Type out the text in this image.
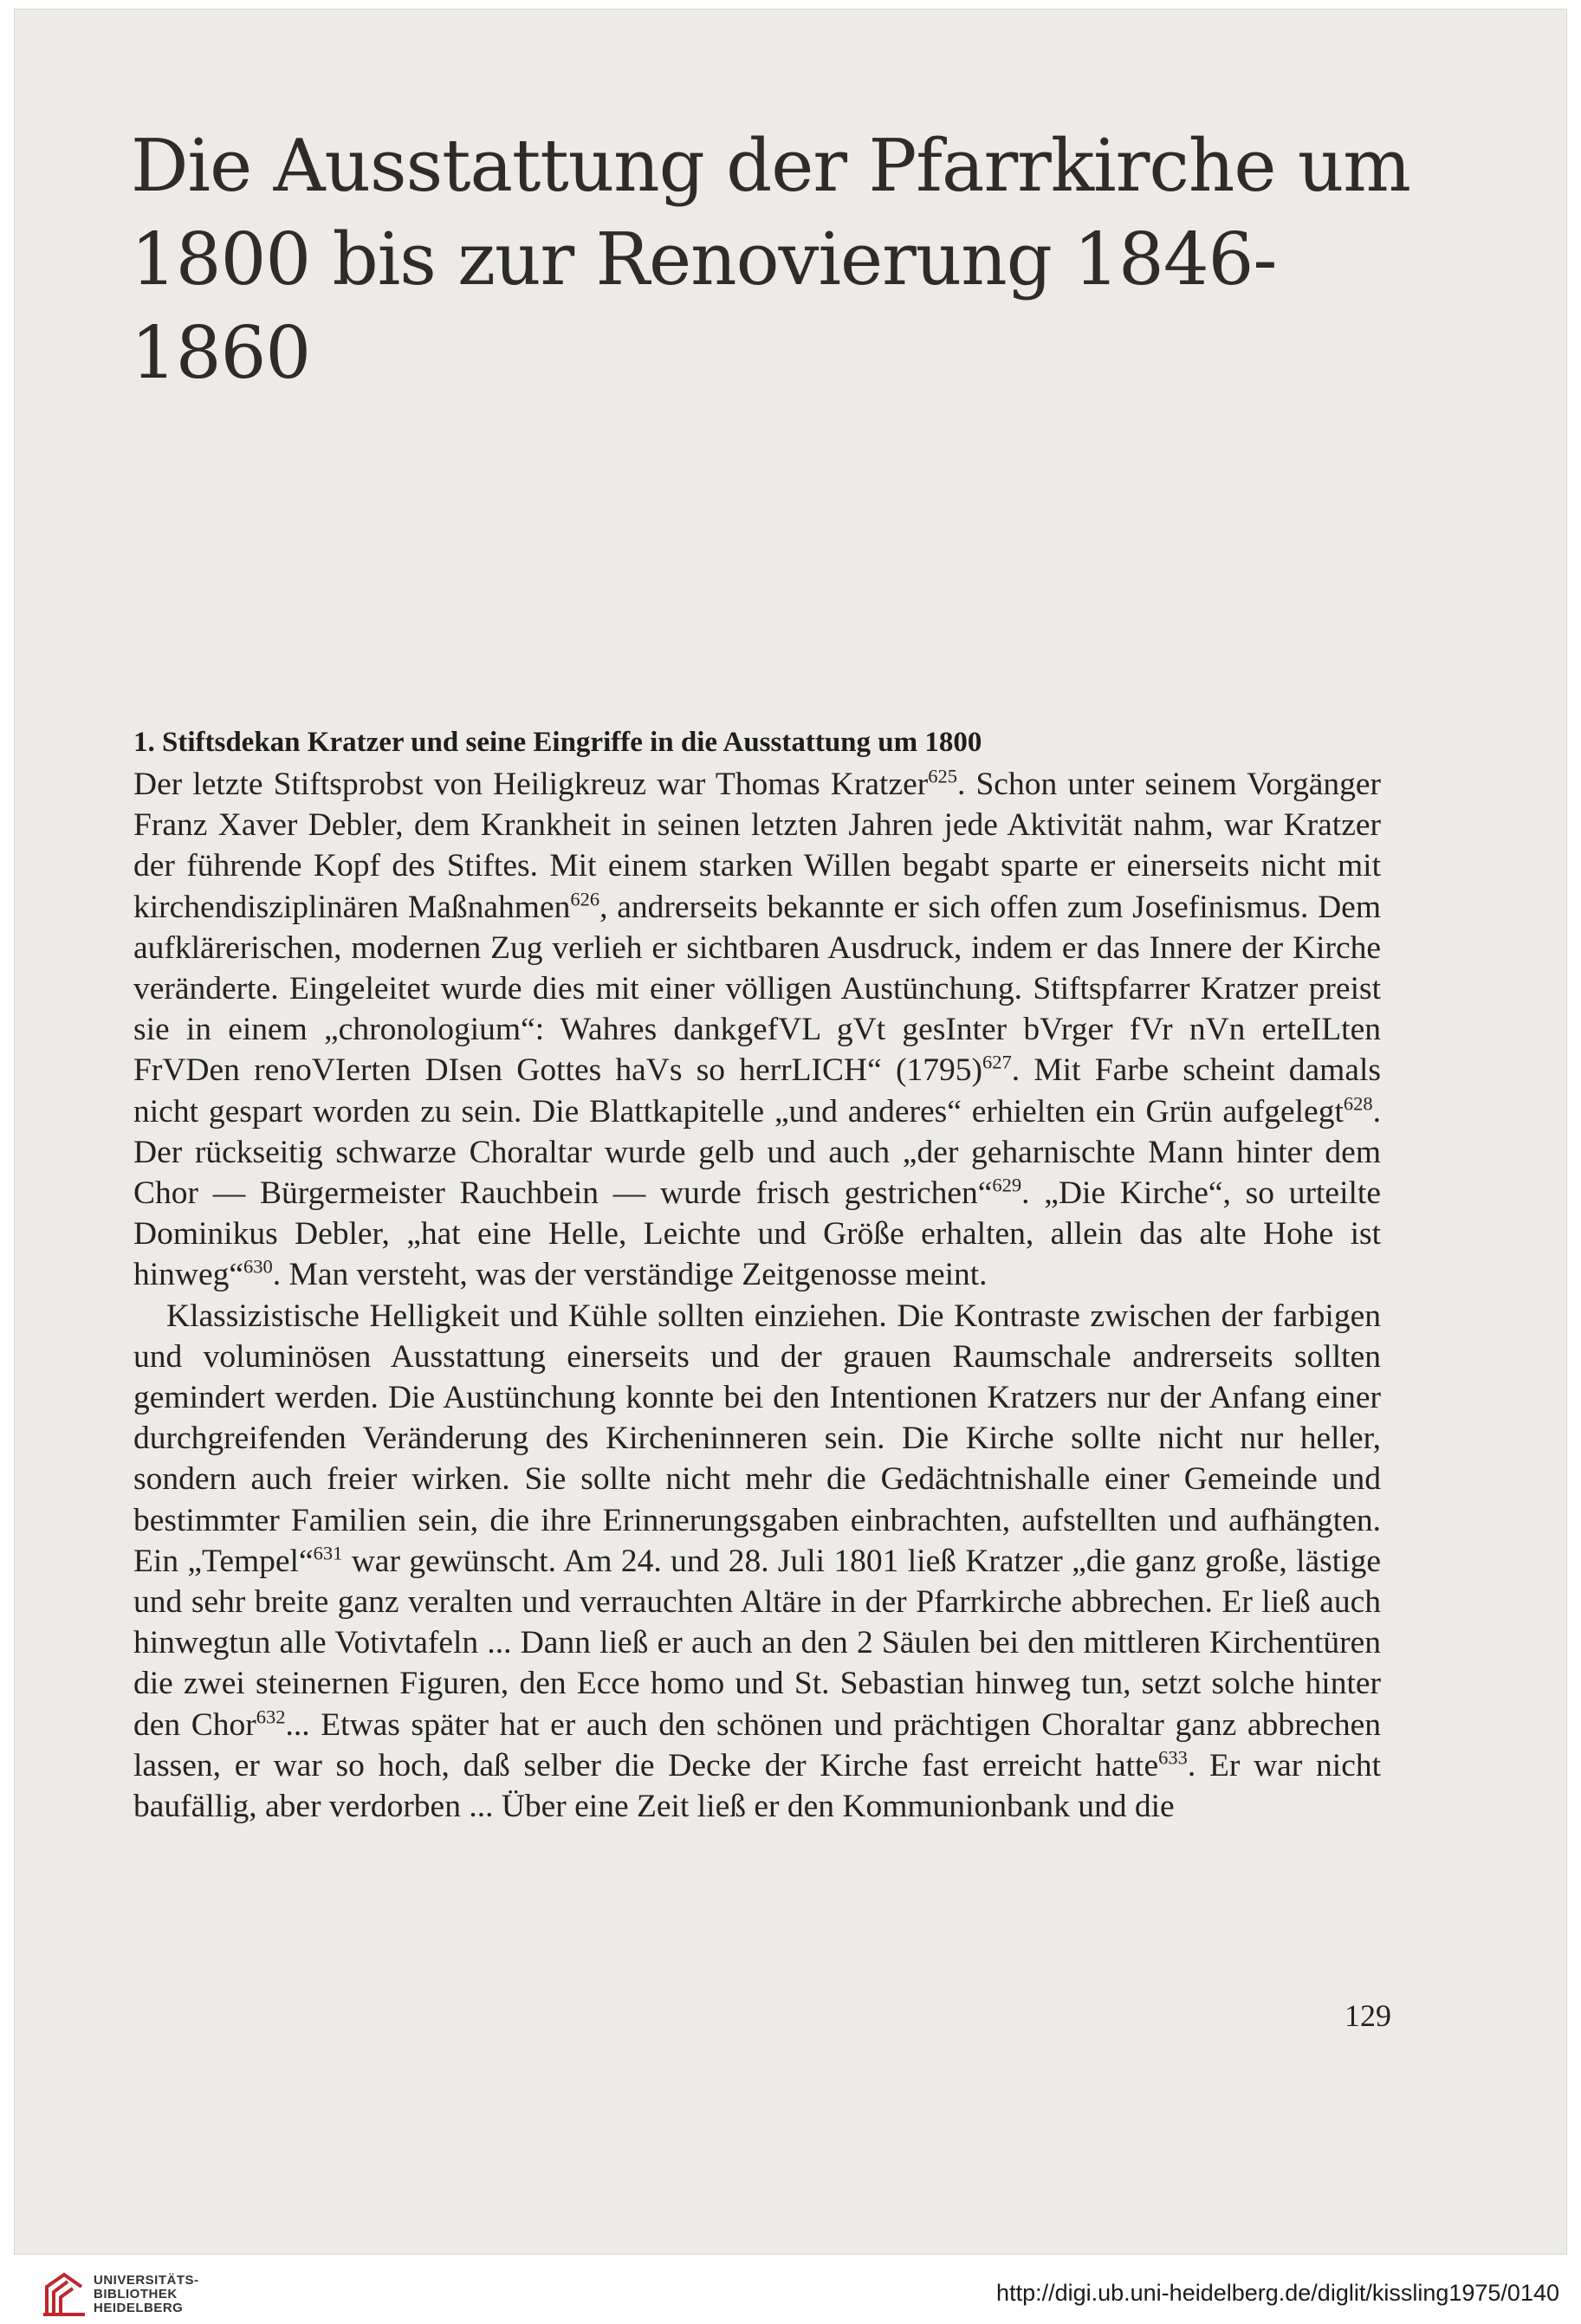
Die Ausstattung der Pfarrkirche um
1800 bis zur Renovierung 1846-1860
1. Stiftsdekan Kratzer und seine Eingriffe in die Ausstattung um 1800

Der letzte Stiftsprobst von Heiligkreuz war Thomas Kratzer$^{625}$. Schon unter seinem Vorgänger Franz Xaver Debler, dem Krankheit in seinen letzten Jahren jede Aktivität nahm, war Kratzer der führende Kopf des Stiftes. Mit einem starken Willen begabt sparte er einerseits nicht mit kirchendisziplinären Maßnahmen$^{626}$, andrerseits bekannte er sich offen zum Josefinismus. Dem aufklärerischen, modernen Zug verlieh er sichtbaren Ausdruck, indem er das Innere der Kirche veränderte. Eingeleitet wurde dies mit einer völligen Austünchung. Stiftspfarrer Kratzer preist sie in einem „chronologium“: Wahres dankgefVL gVt gesInter bVrger fVr nVn erteILten FrVDen renoVIerten DIsen Gottes haVs so herrLICH“ $(1795)^{627}$. Mit Farbe scheint damals nicht gespart worden zu sein. Die Blattkapitelle „und anderes“ erhielten ein Grün aufgelegt$^{628}$. Der rückseitig schwarze Choraltar wurde gelb und auch „der geharnischte Mann hinter dem Chor — Bürgermeister Rauchbein — wurde frisch gestrichen“$^{629}$. „Die Kirche“, so urteilte Dominikus Debler, „hat eine Helle, Leichte und Größe erhalten, allein das alte Hohe ist hinweg“$^{630}$. Man versteht, was der verständige Zeitgenosse meint.

Klassizistische Helligkeit und Kühle sollten einziehen. Die Kontraste zwischen der farbigen und voluminösen Ausstattung einerseits und der grauen Raumschale andrerseits sollten gemindert werden. Die Austünchung konnte bei den Intentionen Kratzers nur der Anfang einer durchgreifenden Veränderung des Kircheninneren sein. Die Kirche sollte nicht nur heller, sondern auch freier wirken. Sie sollte nicht mehr die Gedächtnishalle einer Gemeinde und bestimmter Familien sein, die ihre Erinnerungsgaben einbrachten, aufstellten und aufhängten. Ein „Tempel“$^{631}$ war gewünscht. Am 24. und 28. Juli 1801 ließ Kratzer „die ganz große, lästige und sehr breite ganz veralten und verrauchten Altäre in der Pfarrkirche abbrechen. Er ließ auch hinwegtun alle Votivtafeln ... Dann ließ er auch an den 2 Säulen bei den mittleren Kirchentüren die zwei steinernen Figuren, den Ecce homo und St. Sebastian hinweg tun, setzt solche hinter den Chor$^{632}$... Etwas später hat er auch den schönen und prächtigen Choraltar ganz abbrechen lassen, er war so hoch, daß selber die Decke der Kirche fast erreicht hatte$^{633}$. Er war nicht baufällig, aber verdorben ... Über eine Zeit ließ er den Kommunionbank und die

129
UNIVERSITÄTS-
BIBLIOTHEK
HEIDELBERG
http://digi.ub.uni-heidelberg.de/diglit/kissling1975/0140
